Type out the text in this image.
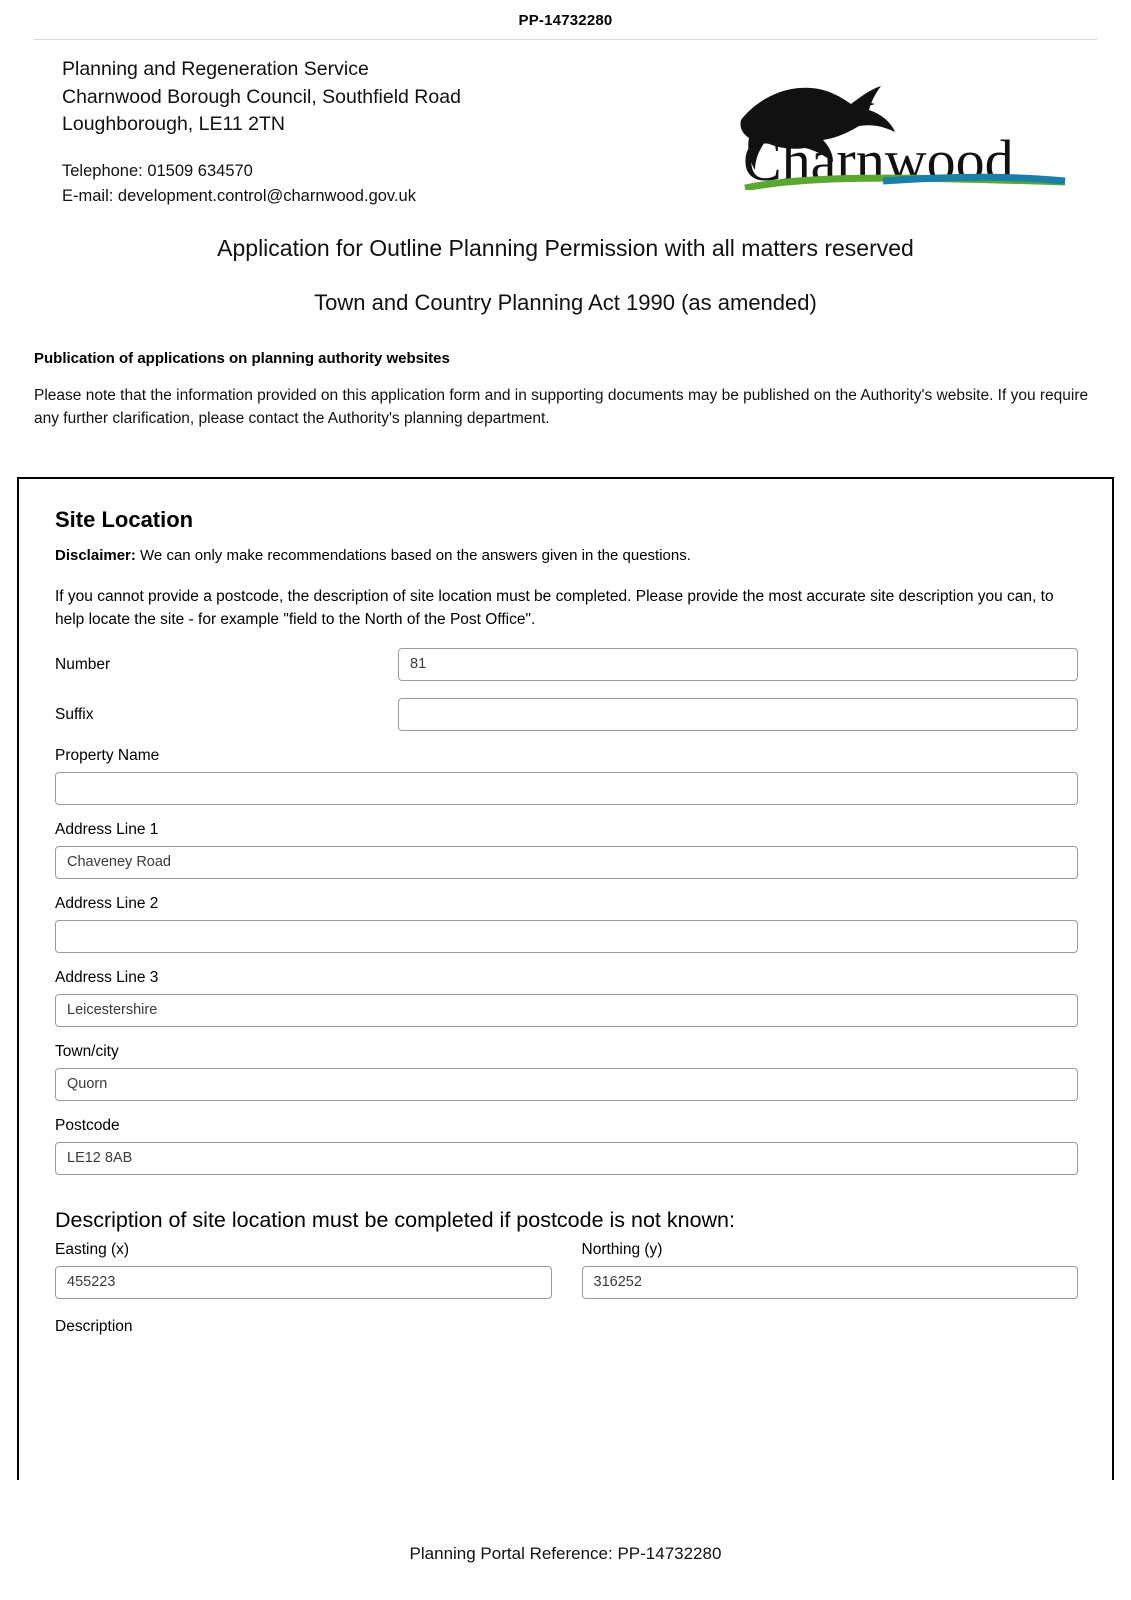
PP-14732280
Planning and Regeneration Service
Charnwood Borough Council, Southfield Road
Loughborough, LE11 2TN
Telephone: 01509 634570
E-mail: development.control@charnwood.gov.uk
Charnwood
Application for Outline Planning Permission with all matters reserved
Town and Country Planning Act 1990 (as amended)
Publication of applications on planning authority websites
Please note that the information provided on this application form and in supporting documents may be published on the Authority's website. If you require any further clarification, please contact the Authority's planning department.
Site Location
Disclaimer: We can only make recommendations based on the answers given in the questions.
If you cannot provide a postcode, the description of site location must be completed. Please provide the most accurate site description you can, to help locate the site - for example "field to the North of the Post Office".
Number	81
Suffix
Property Name
Address Line 1
Chaveney Road
Address Line 2
Address Line 3
Leicestershire
Town/city
Quorn
Postcode
LE12 8AB
Description of site location must be completed if postcode is not known:
Easting (x)
455223
Northing (y)
316252
Description
Planning Portal Reference: PP-14732280
